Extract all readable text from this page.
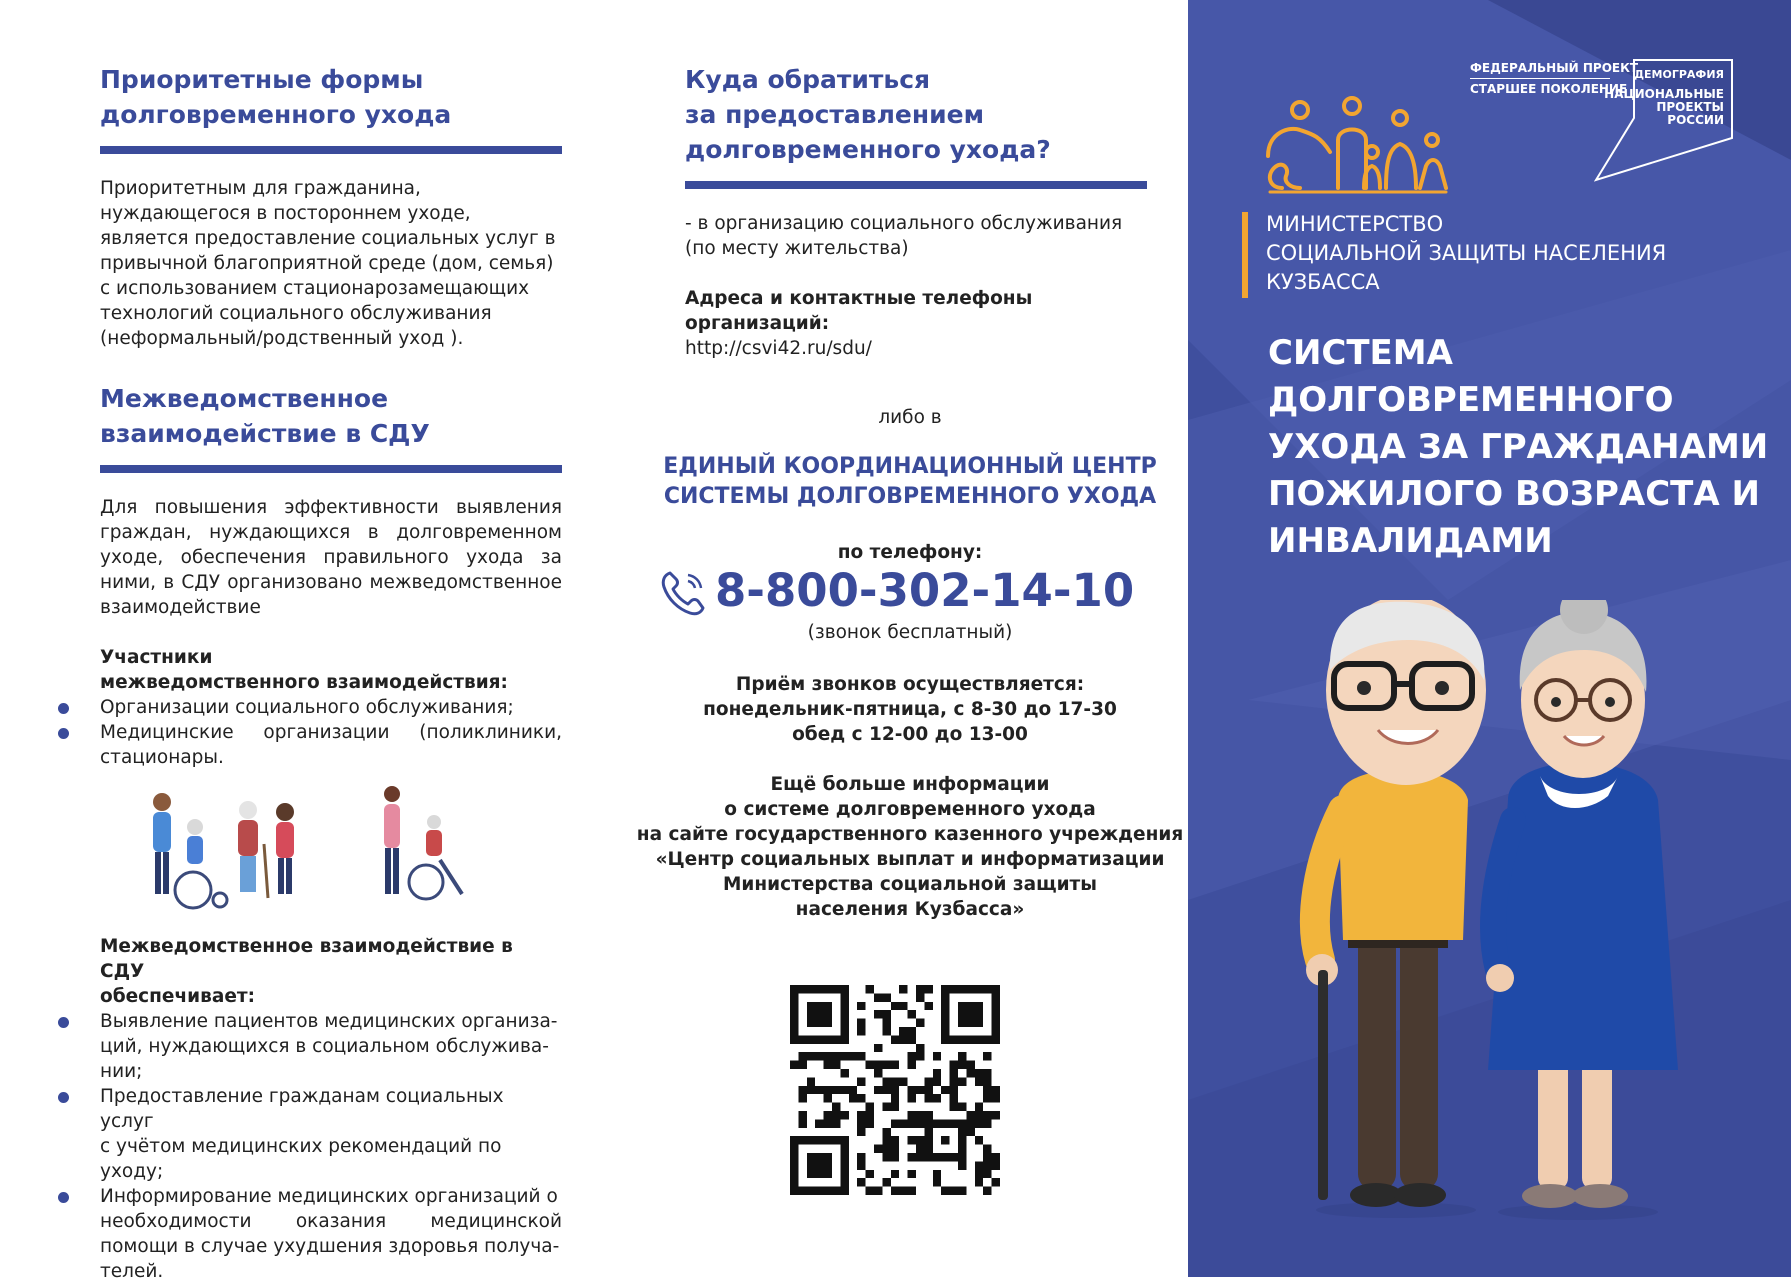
Приоритетные формы

долговременного ухода

Приоритетным для гражданина,

нуждающегося в постороннем уходе,

является предоставление социальных услуг в

привычной благоприятной среде (дом, семья)

с использованием стационарозамещающих

технологий социального обслуживания

(неформальный/родственный уход ).

Межведомственное

взаимодействие в СДУ

Для повышения эффективности выявления

граждан, нуждающихся в долговременном

уходе, обеспечения правильного ухода за

ними, в СДУ организовано межведомственное

взаимодействие

Участники

межведомственного взаимодействия:

Организации социального обслуживания;
Медицинские организации (поликлиники,
стационары.

Межведомственное взаимодействие в СДУ

обеспечивает:

Выявление пациентов медицинских организа-
ций, нуждающихся в социальном обслужива-
нии;
Предоставление гражданам социальных услуг
с учётом медицинских рекомендаций по уходу;
Информирование медицинских организаций о
необходимости оказания медицинской
помощи в случае ухудшения здоровья получа-
телей.

Куда обратиться

за предоставлением

долговременного ухода?

- в организацию социального обслуживания

(по месту жительства)

Адреса и контактные телефоны организаций:

http://csvi42.ru/sdu/

либо в
ЕДИНЫЙ КООРДИНАЦИОННЫЙ ЦЕНТР
СИСТЕМЫ ДОЛГОВРЕМЕННОГО УХОДА
по телефону:
8-800-302-14-10
(звонок бесплатный)

Приём звонков осуществляется:

понедельник-пятница, с 8-30 до 17-30

обед с 12-00 до 13-00

Ещё больше информации

о системе долговременного ухода

на сайте государственного казенного учреждения

«Центр социальных выплат и информатизации

Министерства социальной защиты

населения Кузбасса»

ФЕДЕРАЛЬНЫЙ ПРОЕКТ
СТАРШЕЕ ПОКОЛЕНИЕ
ДЕМОГРАФИЯ
НАЦИОНАЛЬНЫЕ
ПРОЕКТЫ
РОССИИ
МИНИСТЕРСТВО
СОЦИАЛЬНОЙ ЗАЩИТЫ НАСЕЛЕНИЯ
КУЗБАССА
СИСТЕМА
ДОЛГОВРЕМЕННОГО
УХОДА ЗА ГРАЖДАНАМИ
ПОЖИЛОГО ВОЗРАСТА И
ИНВАЛИДАМИ
